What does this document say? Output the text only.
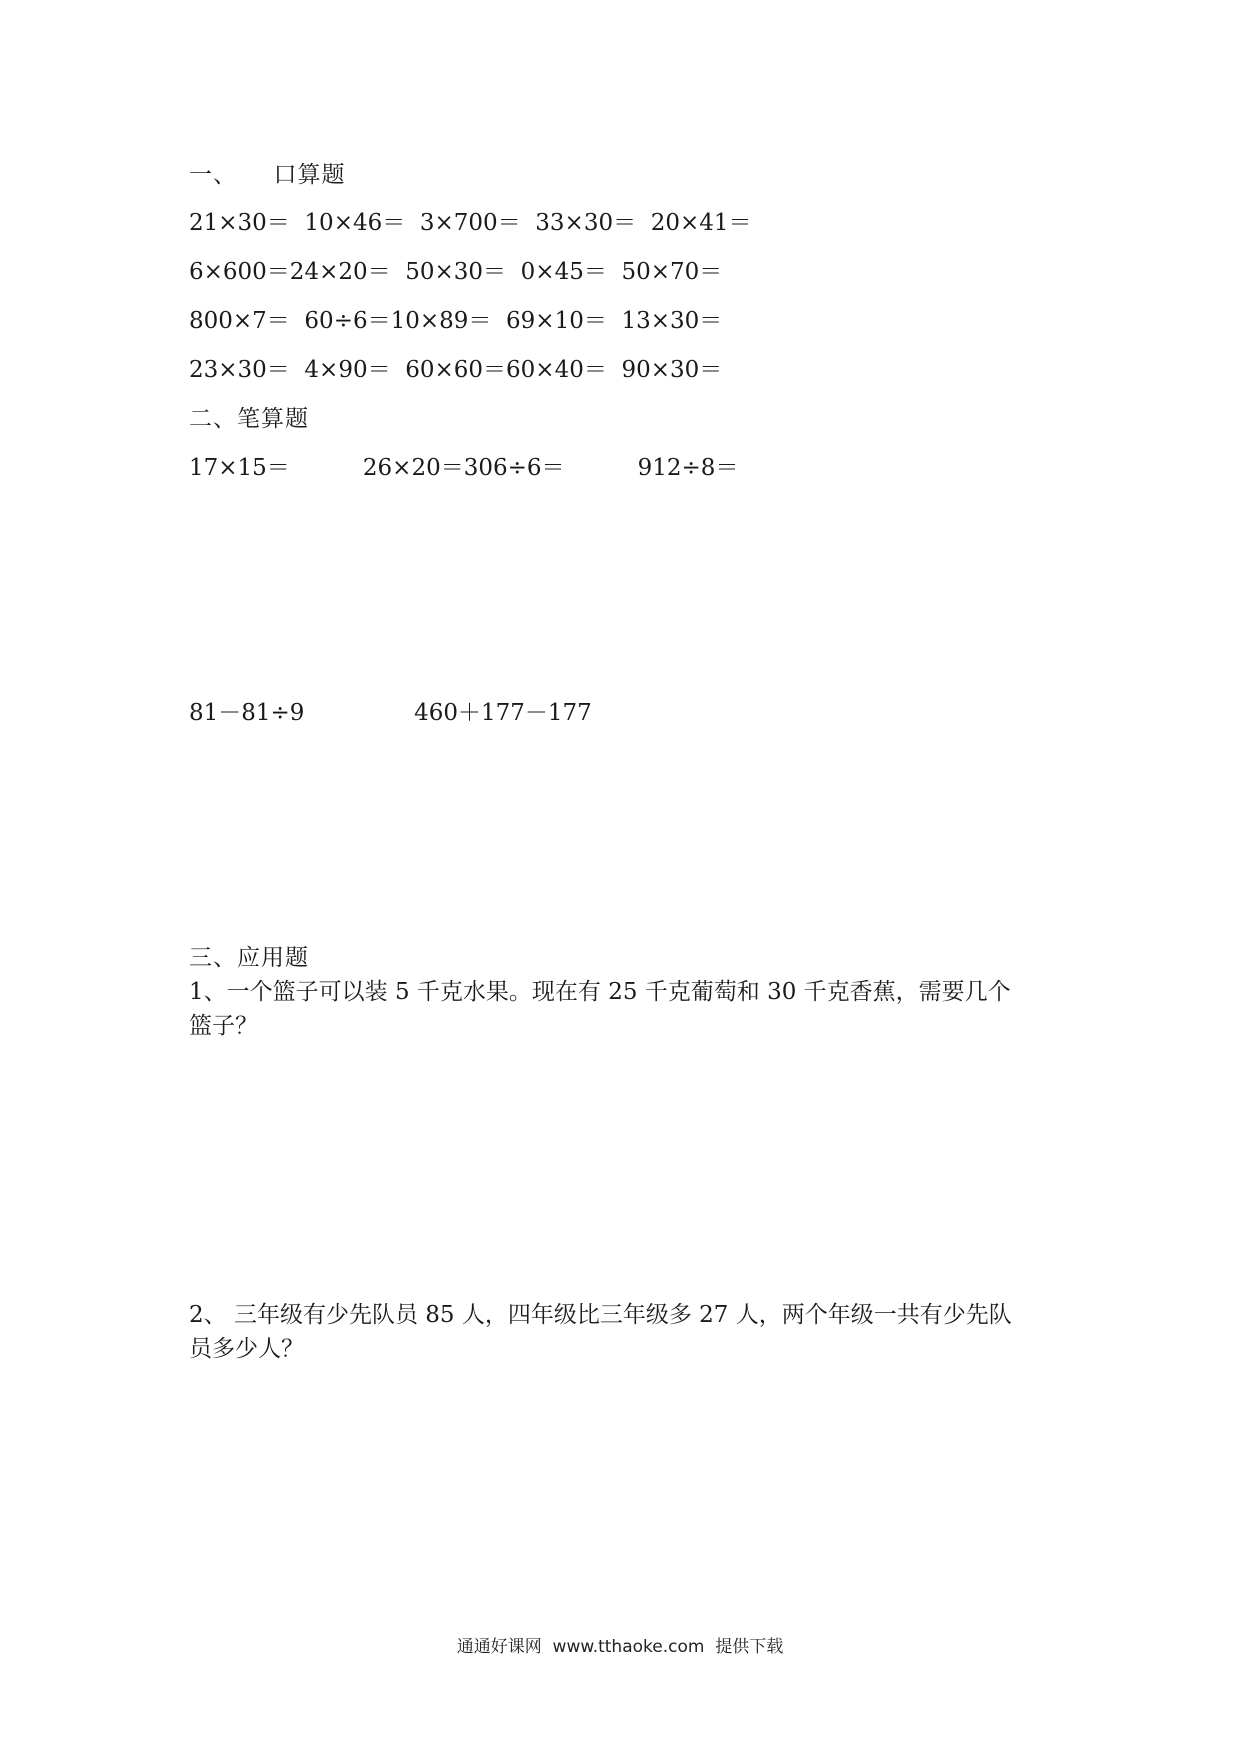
一、　　口算题
21×30＝  10×46＝  3×700＝  33×30＝  20×41＝
6×600＝24×20＝  50×30＝  0×45＝  50×70＝
800×7＝  60÷6＝10×89＝  69×10＝  13×30＝
23×30＝  4×90＝  60×60＝60×40＝  90×30＝
二、笔算题
17×15＝          26×20＝306÷6＝          912÷8＝
81－81÷9               460＋177－177
三、应用题
1、一个篮子可以装 5 千克水果。现在有 25 千克葡萄和 30 千克香蕉，需要几个
篮子？
2、 三年级有少先队员 85 人，四年级比三年级多 27 人，两个年级一共有少先队
员多少人？
通通好课网  www.tthaoke.com  提供下载
